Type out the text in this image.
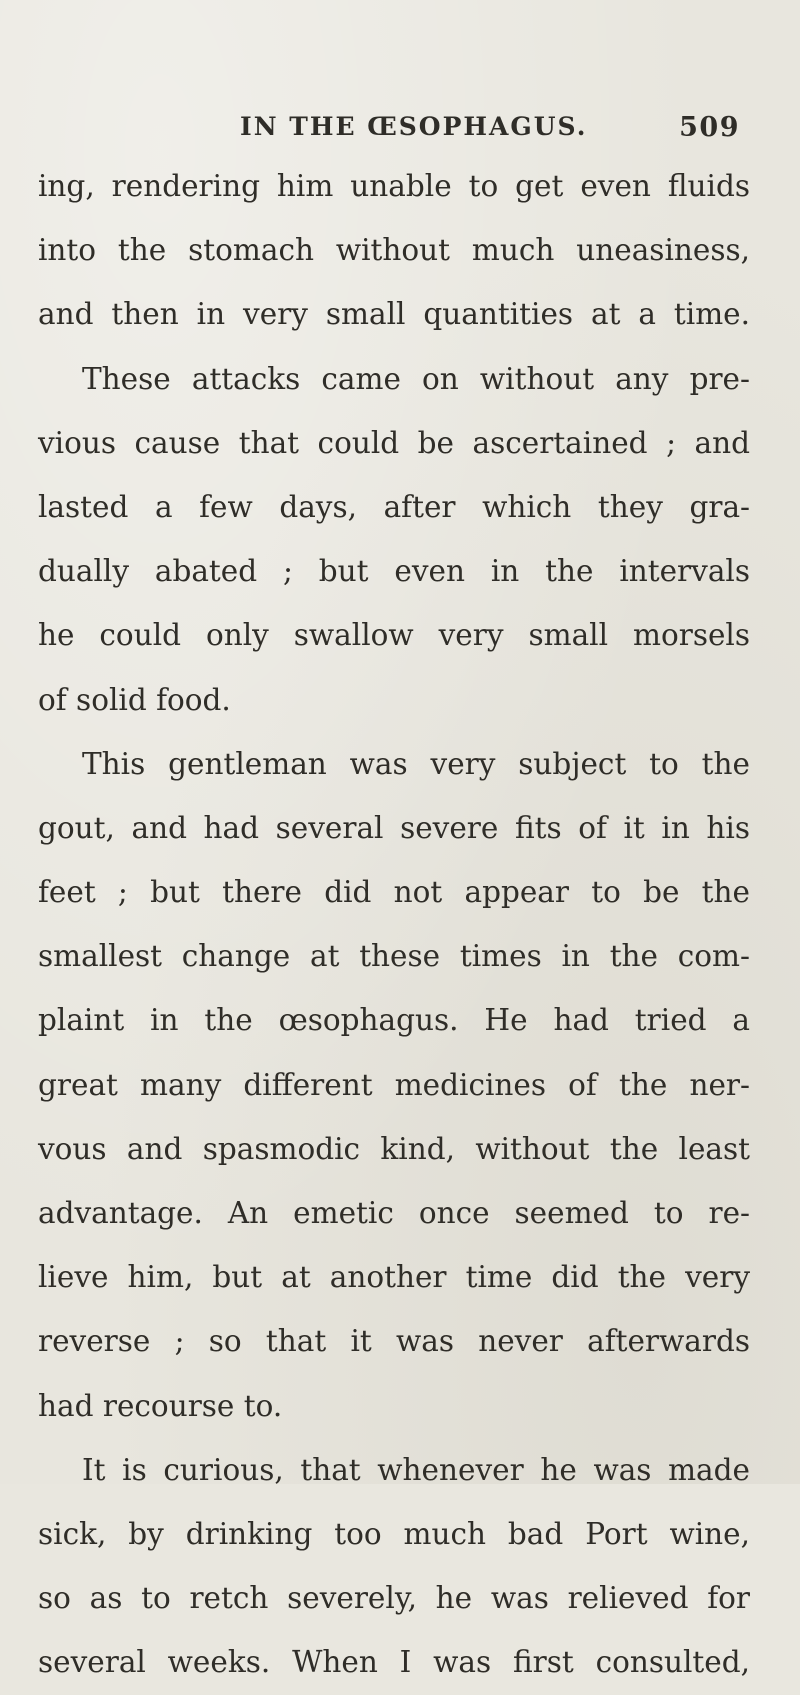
IN THE ŒSOPHAGUS.	509
ing, rendering him unable to get even fluids
into the stomach without much uneasiness,
and then in very small quantities at a time.
These attacks came on without any pre-
vious cause that could be ascertained ; and
lasted a few days, after which they gra-
dually abated ; but even in the intervals
he could only swallow very small morsels
of solid food.
This gentleman was very subject to the
gout, and had several severe fits of it in his
feet ; but there did not appear to be the
smallest change at these times in the com-
plaint in the œsophagus. He had tried a
great many different medicines of the ner-
vous and spasmodic kind, without the least
advantage. An emetic once seemed to re-
lieve him, but at another time did the very
reverse ; so that it was never afterwards
had recourse to.
It is curious, that whenever he was made
sick, by drinking too much bad Port wine,
so as to retch severely, he was relieved for
several weeks. When I was first consulted,
